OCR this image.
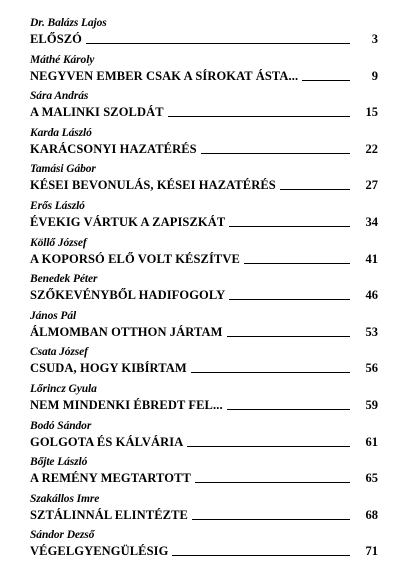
Dr. Balázs Lajos
ELŐSZÓ	3
Máthé Károly
NEGYVEN EMBER CSAK A SÍROKAT ÁSTA...	9
Sára András
A MALINKI SZOLDÁT	15
Karda László
KARÁCSONYI HAZATÉRÉS	22
Tamási Gábor
KÉSEI BEVONULÁS, KÉSEI HAZATÉRÉS	27
Erős László
ÉVEKIG VÁRTUK A ZAPISZKÁT	34
Köllő József
A KOPORSÓ ELŐ VOLT KÉSZÍTVE	41
Benedek Péter
SZŐKEVÉNYBŐL HADIFOGOLY	46
János Pál
ÁLMOMBAN OTTHON JÁRTAM	53
Csata József
CSUDA, HOGY KIBÍRTAM	56
Lőrincz Gyula
NEM MINDENKI ÉBREDT FEL...	59
Bodó Sándor
GOLGOTA ÉS KÁLVÁRIA	61
Bőjte László
A REMÉNY MEGTARTOTT	65
Szakállos Imre
SZTÁLINNÁL ELINTÉZTE	68
Sándor Dezső
VÉGELGYENGÜLÉSIG	71
